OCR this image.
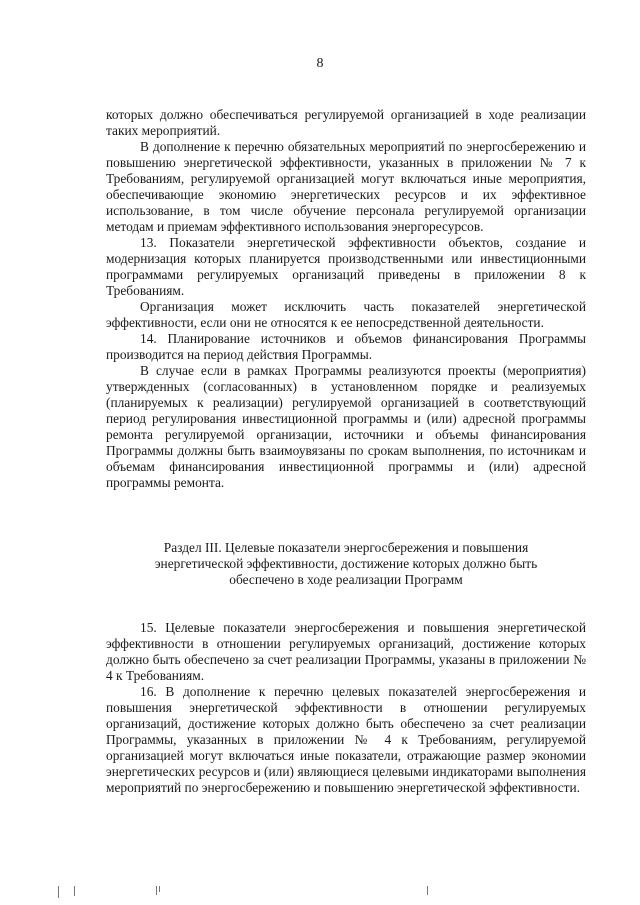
8

которых должно обеспечиваться регулируемой организацией в ходе реализации таких мероприятий.

В дополнение к перечню обязательных мероприятий по энергосбережению и повышению энергетической эффективности, указанных в приложении № 7 к Требованиям, регулируемой организацией могут включаться иные мероприятия, обеспечивающие экономию энергетических ресурсов и их эффективное использование, в том числе обучение персонала регулируемой организации методам и приемам эффективного использования энергоресурсов.

13. Показатели энергетической эффективности объектов, создание и модернизация которых планируется производственными или инвестиционными программами регулируемых организаций приведены в приложении 8 к Требованиям.

Организация может исключить часть показателей энергетической эффективности, если они не относятся к ее непосредственной деятельности.

14. Планирование источников и объемов финансирования Программы производится на период действия Программы.

В случае если в рамках Программы реализуются проекты (мероприятия) утвержденных (согласованных) в установленном порядке и реализуемых (планируемых к реализации) регулируемой организацией в соответствующий период регулирования инвестиционной программы и (или) адресной программы ремонта регулируемой организации, источники и объемы финансирования Программы должны быть взаимоувязаны по срокам выполнения, по источникам и объемам финансирования инвестиционной программы и (или) адресной программы ремонта.

Раздел III. Целевые показатели энергосбережения и повышения энергетической эффективности, достижение которых должно быть обеспечено в ходе реализации Программ

15. Целевые показатели энергосбережения и повышения энергетической эффективности в отношении регулируемых организаций, достижение которых должно быть обеспечено за счет реализации Программы, указаны в приложении № 4 к Требованиям.

16. В дополнение к перечню целевых показателей энергосбережения и повышения энергетической эффективности в отношении регулируемых организаций, достижение которых должно быть обеспечено за счет реализации Программы, указанных в приложении № 4 к Требованиям, регулируемой организацией могут включаться иные показатели, отражающие размер экономии энергетических ресурсов и (или) являющиеся целевыми индикаторами выполнения мероприятий по энергосбережению и повышению энергетической эффективности.
